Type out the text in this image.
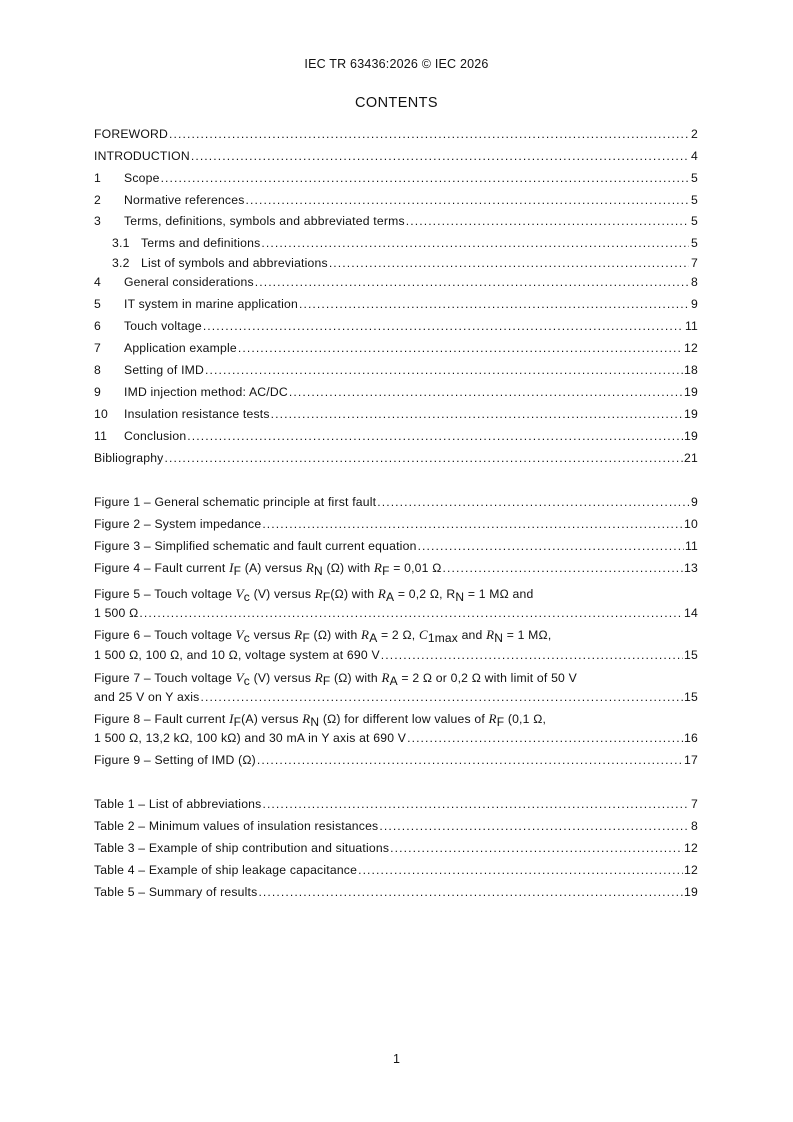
IEC TR 63436:2026 © IEC 2026
CONTENTS
FOREWORD .....	2
INTRODUCTION .....	4
1	Scope .....	5
2	Normative references .....	5
3	Terms, definitions, symbols and abbreviated terms .....	5
3.1 Terms and definitions .....	5
3.2 List of symbols and abbreviations .....	7
4	General considerations .....	8
5	IT system in marine application .....	9
6	Touch voltage .....	11
7	Application example .....	12
8	Setting of IMD .....	18
9	IMD injection method: AC/DC .....	19
10	Insulation resistance tests .....	19
11	Conclusion .....	19
Bibliography .....	21
Figure 1 – General schematic principle at first fault .....	9
Figure 2 – System impedance .....	10
Figure 3 – Simplified schematic and fault current equation .....	11
Figure 4 – Fault current IF (A) versus RN (Ω) with RF = 0,01 Ω .....	13
Figure 5 – Touch voltage Vc (V) versus RF(Ω) with RA = 0,2 Ω, RN = 1 MΩ and
1 500 Ω .....	14
Figure 6 – Touch voltage Vc versus RF (Ω) with RA = 2 Ω, C1max and RN = 1 MΩ,
1 500 Ω, 100 Ω, and 10 Ω, voltage system at 690 V .....	15
Figure 7 – Touch voltage Vc (V) versus RF (Ω) with RA = 2 Ω or 0,2 Ω with limit of 50 V
and 25 V on Y axis .....	15
Figure 8 – Fault current IF(A) versus RN (Ω) for different low values of RF (0,1 Ω,
1 500 Ω, 13,2 kΩ, 100 kΩ) and 30 mA in Y axis at 690 V .....	16
Figure 9 – Setting of IMD (Ω) .....	17
Table 1 – List of abbreviations .....	7
Table 2 – Minimum values of insulation resistances .....	8
Table 3 – Example of ship contribution and situations .....	12
Table 4 – Example of ship leakage capacitance .....	12
Table 5 – Summary of results .....	19
1
